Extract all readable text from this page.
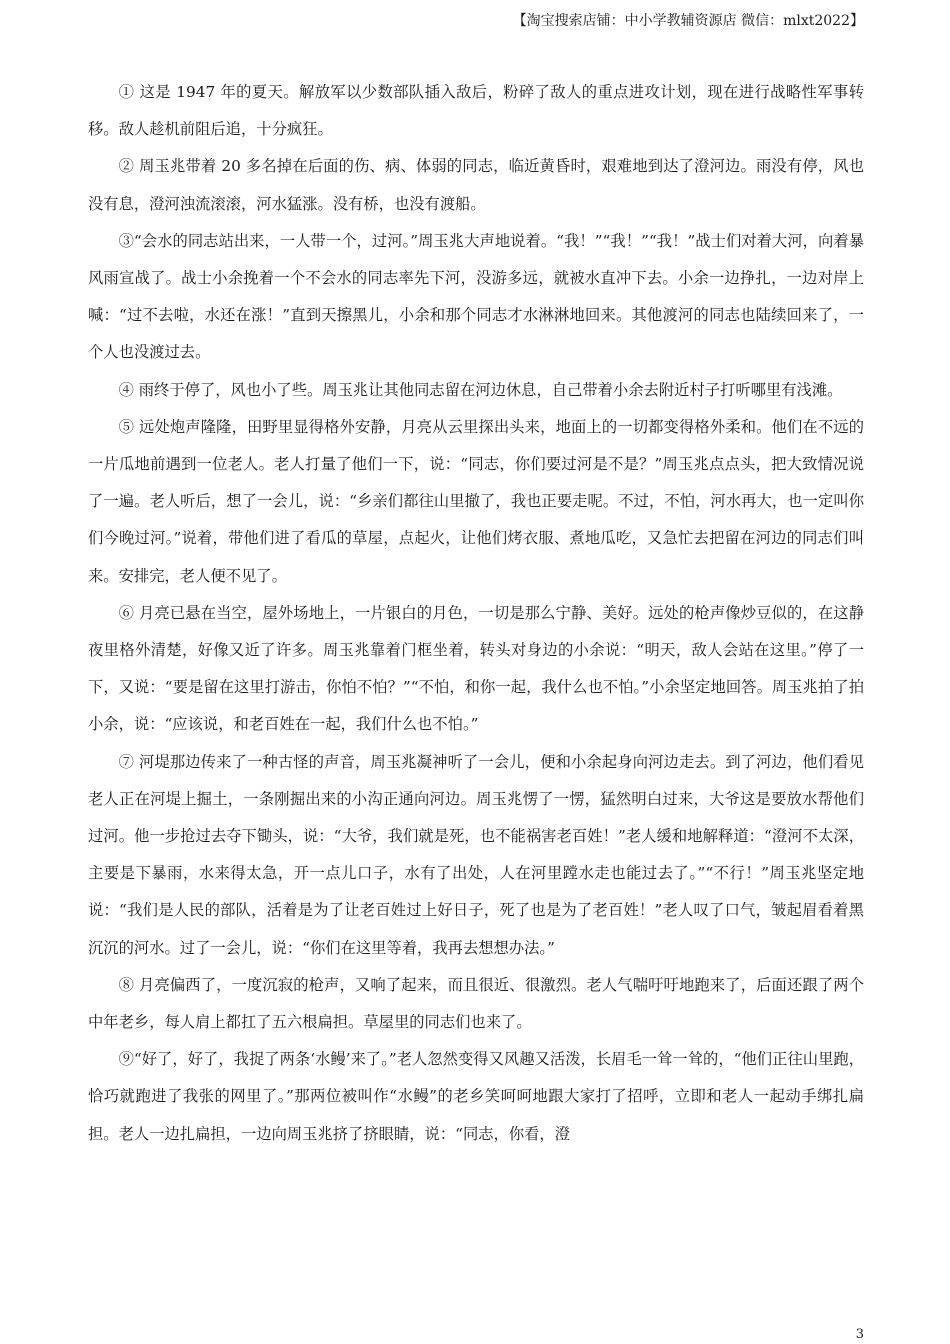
【淘宝搜索店铺：中小学教辅资源店 微信：mlxt2022】

① 这是 1947 年的夏天。解放军以少数部队插入敌后，粉碎了敌人的重点进攻计划，现在进行战略性军事转移。敌人趁机前阻后追，十分疯狂。

② 周玉兆带着 20 多名掉在后面的伤、病、体弱的同志，临近黄昏时，艰难地到达了澄河边。雨没有停，风也没有息，澄河浊流滚滚，河水猛涨。没有桥，也没有渡船。

③“会水的同志站出来，一人带一个，过河。”周玉兆大声地说着。“我！”“我！”“我！”战士们对着大河，向着暴风雨宣战了。战士小余挽着一个不会水的同志率先下河，没游多远，就被水直冲下去。小余一边挣扎，一边对岸上喊：“过不去啦，水还在涨！”直到天擦黑儿，小余和那个同志才水淋淋地回来。其他渡河的同志也陆续回来了，一个人也没渡过去。

④ 雨终于停了，风也小了些。周玉兆让其他同志留在河边休息，自己带着小余去附近村子打听哪里有浅滩。

⑤ 远处炮声隆隆，田野里显得格外安静，月亮从云里探出头来，地面上的一切都变得格外柔和。他们在不远的一片瓜地前遇到一位老人。老人打量了他们一下，说：“同志，你们要过河是不是？”周玉兆点点头，把大致情况说了一遍。老人听后，想了一会儿，说：“乡亲们都往山里撤了，我也正要走呢。不过，不怕，河水再大，也一定叫你们今晚过河。”说着，带他们进了看瓜的草屋，点起火，让他们烤衣服、煮地瓜吃，又急忙去把留在河边的同志们叫来。安排完，老人便不见了。

⑥ 月亮已悬在当空，屋外场地上，一片银白的月色，一切是那么宁静、美好。远处的枪声像炒豆似的，在这静夜里格外清楚，好像又近了许多。周玉兆靠着门框坐着，转头对身边的小余说：“明天，敌人会站在这里。”停了一下，又说：“要是留在这里打游击，你怕不怕？”“不怕，和你一起，我什么也不怕。”小余坚定地回答。周玉兆拍了拍小余，说：“应该说，和老百姓在一起，我们什么也不怕。”

⑦ 河堤那边传来了一种古怪的声音，周玉兆凝神听了一会儿，便和小余起身向河边走去。到了河边，他们看见老人正在河堤上掘土，一条刚掘出来的小沟正通向河边。周玉兆愣了一愣，猛然明白过来，大爷这是要放水帮他们过河。他一步抢过去夺下锄头，说：“大爷，我们就是死，也不能祸害老百姓！”老人缓和地解释道：“澄河不太深，主要是下暴雨，水来得太急，开一点儿口子，水有了出处，人在河里蹚水走也能过去了。”“不行！”周玉兆坚定地说：“我们是人民的部队，活着是为了让老百姓过上好日子，死了也是为了老百姓！”老人叹了口气，皱起眉看着黑沉沉的河水。过了一会儿，说：“你们在这里等着，我再去想想办法。”

⑧ 月亮偏西了，一度沉寂的枪声，又响了起来，而且很近、很激烈。老人气喘吁吁地跑来了，后面还跟了两个中年老乡，每人肩上都扛了五六根扁担。草屋里的同志们也来了。

⑨“好了，好了，我捉了两条‘水鳗’来了。”老人忽然变得又风趣又活泼，长眉毛一耸一耸的，“他们正往山里跑，恰巧就跑进了我张的网里了。”那两位被叫作“水鳗”的老乡笑呵呵地跟大家打了招呼，立即和老人一起动手绑扎扁担。老人一边扎扁担，一边向周玉兆挤了挤眼睛，说：“同志，你看，澄

3
